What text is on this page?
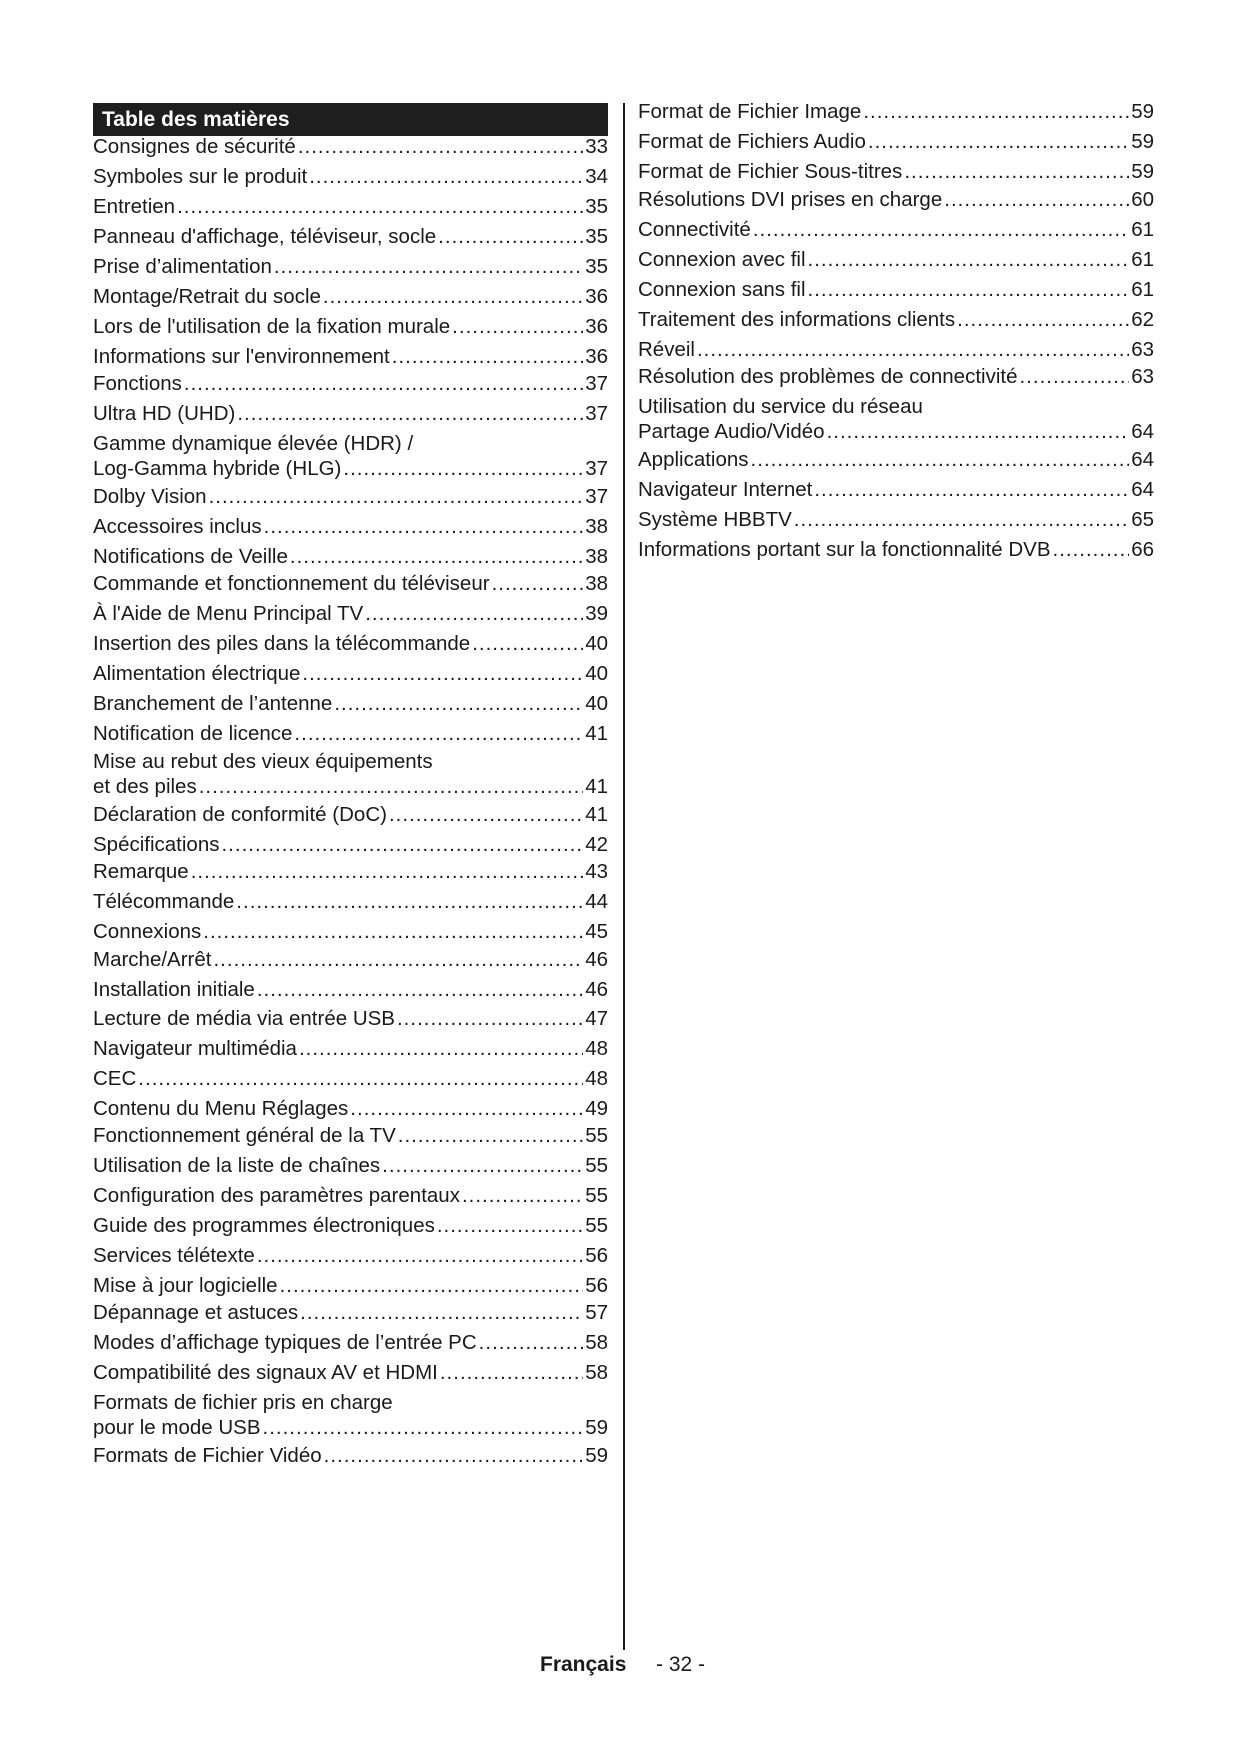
Table des matières
Consignes de sécurité .....	33
Symboles sur le produit .....	34
Entretien .....	35
Panneau d'affichage, téléviseur, socle .....	35
Prise d’alimentation .....	35
Montage/Retrait du socle .....	36
Lors de l'utilisation de la fixation murale .....	36
Informations sur l'environnement .....	36
Fonctions .....	37
Ultra HD (UHD) .....	37
Gamme dynamique élevée (HDR) /
Log-Gamma hybride (HLG) .....	37
Dolby Vision .....	37
Accessoires inclus .....	38
Notifications de Veille .....	38
Commande et fonctionnement du téléviseur .....	38
À l'Aide de Menu Principal TV .....	39
Insertion des piles dans la télécommande .....	40
Alimentation électrique .....	40
Branchement de l’antenne .....	40
Notification de licence .....	41
Mise au rebut des vieux équipements
et des piles .....	41
Déclaration de conformité (DoC) .....	41
Spécifications .....	42
Remarque .....	43
Télécommande .....	44
Connexions .....	45
Marche/Arrêt .....	46
Installation initiale .....	46
Lecture de média via entrée USB .....	47
Navigateur multimédia .....	48
CEC .....	48
Contenu du Menu Réglages .....	49
Fonctionnement général de la TV .....	55
Utilisation de la liste de chaînes .....	55
Configuration des paramètres parentaux .....	55
Guide des programmes électroniques .....	55
Services télétexte .....	56
Mise à jour logicielle .....	56
Dépannage et astuces .....	57
Modes d’affichage typiques de l’entrée PC .....	58
Compatibilité des signaux AV et HDMI .....	58
Formats de fichier pris en charge
pour le mode USB .....	59
Formats de Fichier Vidéo .....	59
Format de Fichier Image .....	59
Format de Fichiers Audio .....	59
Format de Fichier Sous-titres .....	59
Résolutions DVI prises en charge .....	60
Connectivité .....	61
Connexion avec fil .....	61
Connexion sans fil .....	61
Traitement des informations clients .....	62
Réveil .....	63
Résolution des problèmes de connectivité .....	63
Utilisation du service du réseau
Partage Audio/Vidéo .....	64
Applications .....	64
Navigateur Internet .....	64
Système HBBTV .....	65
Informations portant sur la fonctionnalité DVB .....	66
Français - 32 -
